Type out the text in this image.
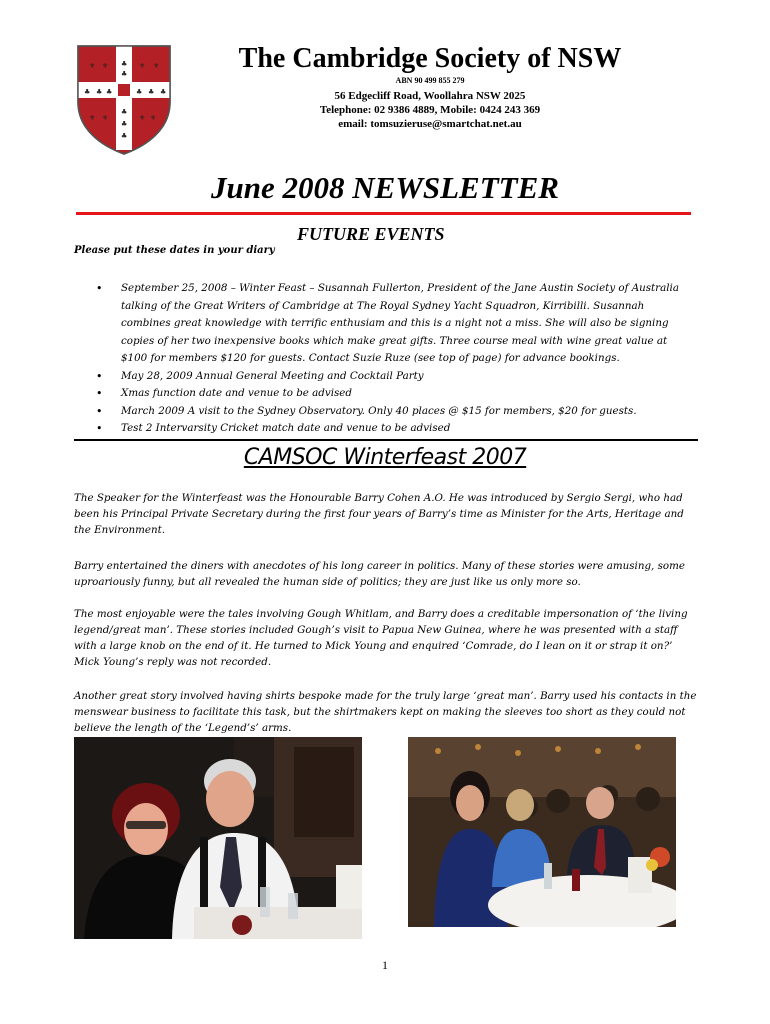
⚜ ⚜	⚜ ⚜
⚜ ⚜	⚜ ⚜
♣
♣
♣
♣
♣
♣ ♣ ♣	♣ ♣ ♣
The Cambridge Society of NSW
ABN 90 499 855 279
56 Edgecliff Road, Woollahra NSW 2025
Telephone: 02 9386 4889, Mobile: 0424 243 369
email: tomsuzieruse@smartchat.net.au
June 2008 NEWSLETTER
FUTURE EVENTS
Please put these dates in your diary
• September 25, 2008 – Winter Feast – Susannah Fullerton, President of the Jane Austin Society of Australia talking of the Great Writers of Cambridge at The Royal Sydney Yacht Squadron, Kirribilli. Susannah combines great knowledge with terrific enthusiam and this is a night not a miss. She will also be signing copies of her two inexpensive books which make great gifts. Three course meal with wine great value at $100 for members $120 for guests. Contact Suzie Ruze (see top of page) for advance bookings.
• May 28, 2009 Annual General Meeting and Cocktail Party
• Xmas function date and venue to be advised
• March 2009 A visit to the Sydney Observatory. Only 40 places @ $15 for members, $20 for guests.
• Test 2 Intervarsity Cricket match date and venue to be advised
CAMSOC Winterfeast 2007

The Speaker for the Winterfeast was the Honourable Barry Cohen A.O. He was introduced by Sergio Sergi, who had been his Principal Private Secretary during the first four years of Barry’s time as Minister for the Arts, Heritage and the Environment.

Barry entertained the diners with anecdotes of his long career in politics. Many of these stories were amusing, some uproariously funny, but all revealed the human side of politics; they are just like us only more so.

The most enjoyable were the tales involving Gough Whitlam, and Barry does a creditable impersonation of ‘the living legend/great man’. These stories included Gough’s visit to Papua New Guinea, where he was presented with a staff with a large knob on the end of it. He turned to Mick Young and enquired ‘Comrade, do I lean on it or strap it on?’ Mick Young’s reply was not recorded.

Another great story involved having shirts bespoke made for the truly large ‘great man’. Barry used his contacts in the menswear business to facilitate this task, but the shirtmakers kept on making the sleeves too short as they could not believe the length of the ‘Legend’s’ arms.

1
